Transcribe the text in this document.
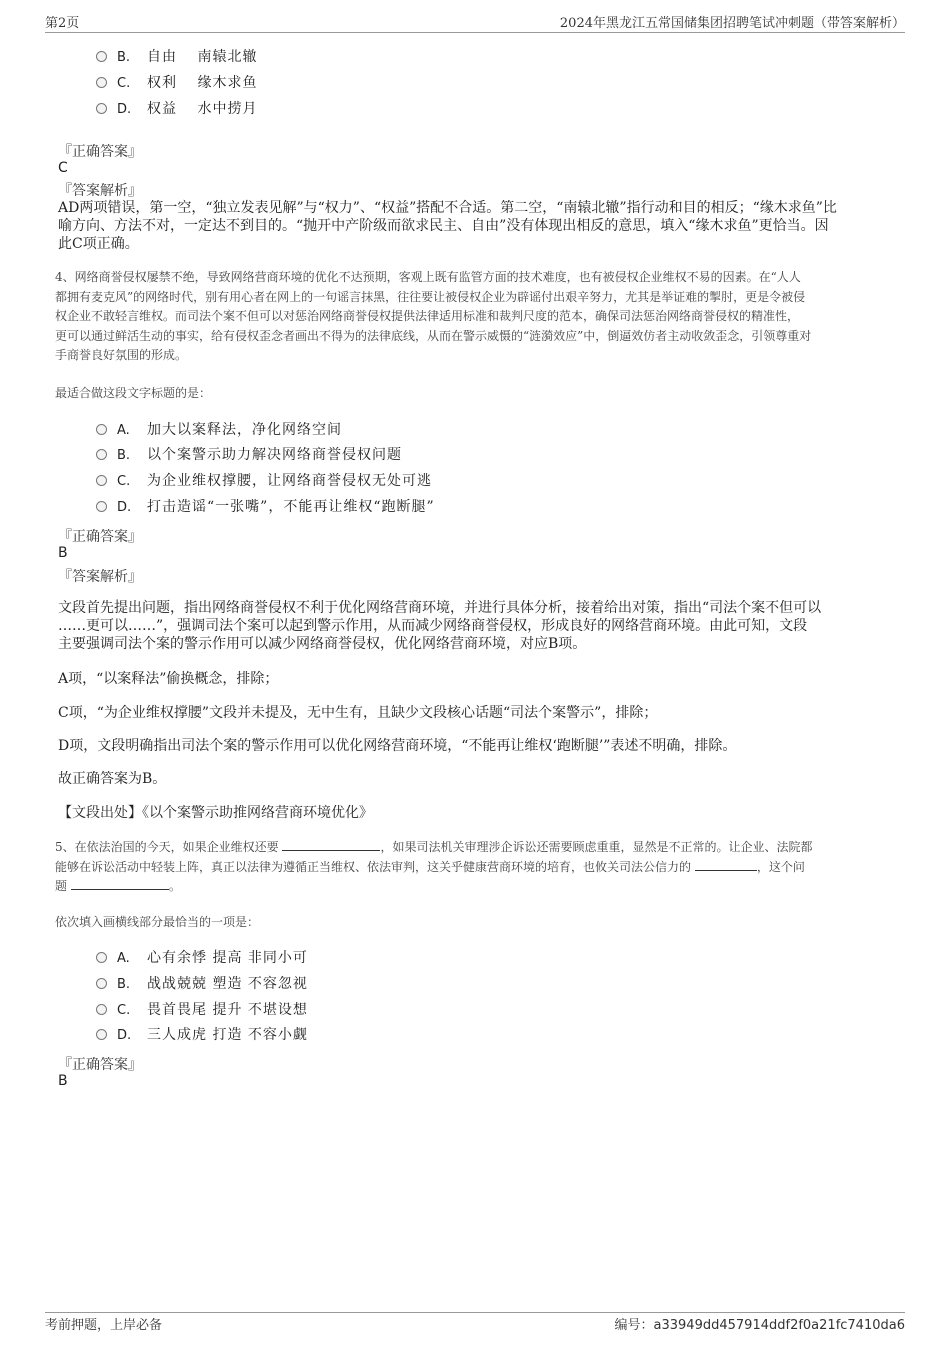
第2页	2024年黑龙江五常国储集团招聘笔试冲刺题（带答案解析）
B. 自由　 南辕北辙
C. 权利　 缘木求鱼
D. 权益　 水中捞月
『正确答案』
C
『答案解析』
AD两项错误，第一空，“独立发表见解”与“权力”、“权益”搭配不合适。第二空，“南辕北辙”指行动和目的相反；“缘木求鱼”比
喻方向、方法不对，一定达不到目的。“抛开中产阶级而欲求民主、自由”没有体现出相反的意思，填入“缘木求鱼”更恰当。因
此C项正确。
4、网络商誉侵权屡禁不绝，导致网络营商环境的优化不达预期，客观上既有监管方面的技术难度，也有被侵权企业维权不易的因素。在“人人
都拥有麦克风”的网络时代，别有用心者在网上的一句谣言抹黑，往往要让被侵权企业为辟谣付出艰辛努力，尤其是举证难的掣肘，更是令被侵
权企业不敢轻言维权。而司法个案不但可以对惩治网络商誉侵权提供法律适用标准和裁判尺度的范本，确保司法惩治网络商誉侵权的精准性，
更可以通过鲜活生动的事实，给有侵权歪念者画出不得为的法律底线，从而在警示威慑的“涟漪效应”中，倒逼效仿者主动收敛歪念，引领尊重对
手商誉良好氛围的形成。
最适合做这段文字标题的是：
A. 加大以案释法，净化网络空间
B. 以个案警示助力解决网络商誉侵权问题
C. 为企业维权撑腰，让网络商誉侵权无处可逃
D. 打击造谣“一张嘴”，不能再让维权“跑断腿”
『正确答案』
B
『答案解析』
文段首先提出问题，指出网络商誉侵权不利于优化网络营商环境，并进行具体分析，接着给出对策，指出“司法个案不但可以
……更可以……”，强调司法个案可以起到警示作用，从而减少网络商誉侵权，形成良好的网络营商环境。由此可知，文段
主要强调司法个案的警示作用可以减少网络商誉侵权，优化网络营商环境，对应B项。
A项，“以案释法”偷换概念，排除；
C项，“为企业维权撑腰”文段并未提及，无中生有，且缺少文段核心话题“司法个案警示”，排除；
D项，文段明确指出司法个案的警示作用可以优化网络营商环境，“不能再让维权‘跑断腿’”表述不明确，排除。
故正确答案为B。
【文段出处】《以个案警示助推网络营商环境优化》
5、在依法治国的今天，如果企业维权还要	，如果司法机关审理涉企诉讼还需要顾虑重重，显然是不正常的。让企业、法院都
能够在诉讼活动中轻装上阵，真正以法律为遵循正当维权、依法审判，这关乎健康营商环境的培育，也攸关司法公信力的	，这个问
题	。
依次填入画横线部分最恰当的一项是：
A. 心有余悸 提高 非同小可
B. 战战兢兢 塑造 不容忽视
C. 畏首畏尾 提升 不堪设想
D. 三人成虎 打造 不容小觑
『正确答案』
B
考前押题，上岸必备	编号：a33949dd457914ddf2f0a21fc7410da6
